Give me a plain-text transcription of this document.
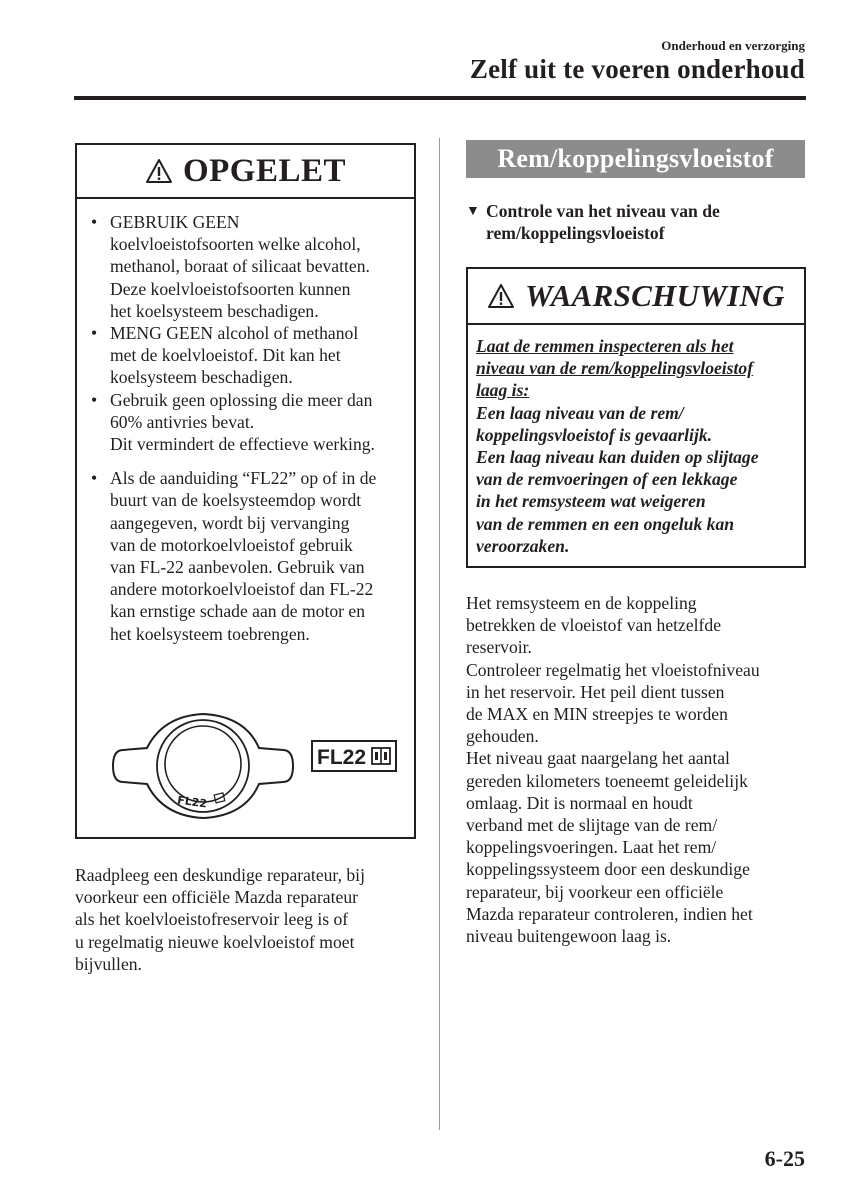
Onderhoud en verzorging
Zelf uit te voeren onderhoud
OPGELET
• GEBRUIK GEEN
koelvloeistofsoorten welke alcohol,
methanol, boraat of silicaat bevatten.
Deze koelvloeistofsoorten kunnen
het koelsysteem beschadigen.
• MENG GEEN alcohol of methanol
met de koelvloeistof. Dit kan het
koelsysteem beschadigen.
• Gebruik geen oplossing die meer dan
60% antivries bevat.
Dit vermindert de effectieve werking.
• Als de aanduiding “FL22” op of in de
buurt van de koelsysteemdop wordt
aangegeven, wordt bij vervanging
van de motorkoelvloeistof gebruik
van FL-22 aanbevolen. Gebruik van
andere motorkoelvloeistof dan FL-22
kan ernstige schade aan de motor en
het koelsysteem toebrengen.
FL22
FL22
Raadpleeg een deskundige reparateur, bij
voorkeur een officiële Mazda reparateur
als het koelvloeistofreservoir leeg is of
u regelmatig nieuwe koelvloeistof moet
bijvullen.
Rem/koppelingsvloeistof
▼ Controle van het niveau van de
rem/koppelingsvloeistof
WAARSCHUWING
Laat de remmen inspecteren als het
niveau van de rem/koppelingsvloeistof
laag is:
Een laag niveau van de rem/
koppelingsvloeistof is gevaarlijk.
Een laag niveau kan duiden op slijtage
van de remvoeringen of een lekkage
in het remsysteem wat weigeren
van de remmen en een ongeluk kan
veroorzaken.
Het remsysteem en de koppeling
betrekken de vloeistof van hetzelfde
reservoir.
Controleer regelmatig het vloeistofniveau
in het reservoir. Het peil dient tussen
de MAX en MIN streepjes te worden
gehouden.
Het niveau gaat naargelang het aantal
gereden kilometers toeneemt geleidelijk
omlaag. Dit is normaal en houdt
verband met de slijtage van de rem/
koppelingsvoeringen. Laat het rem/
koppelingssysteem door een deskundige
reparateur, bij voorkeur een officiële
Mazda reparateur controleren, indien het
niveau buitengewoon laag is.
6-25
